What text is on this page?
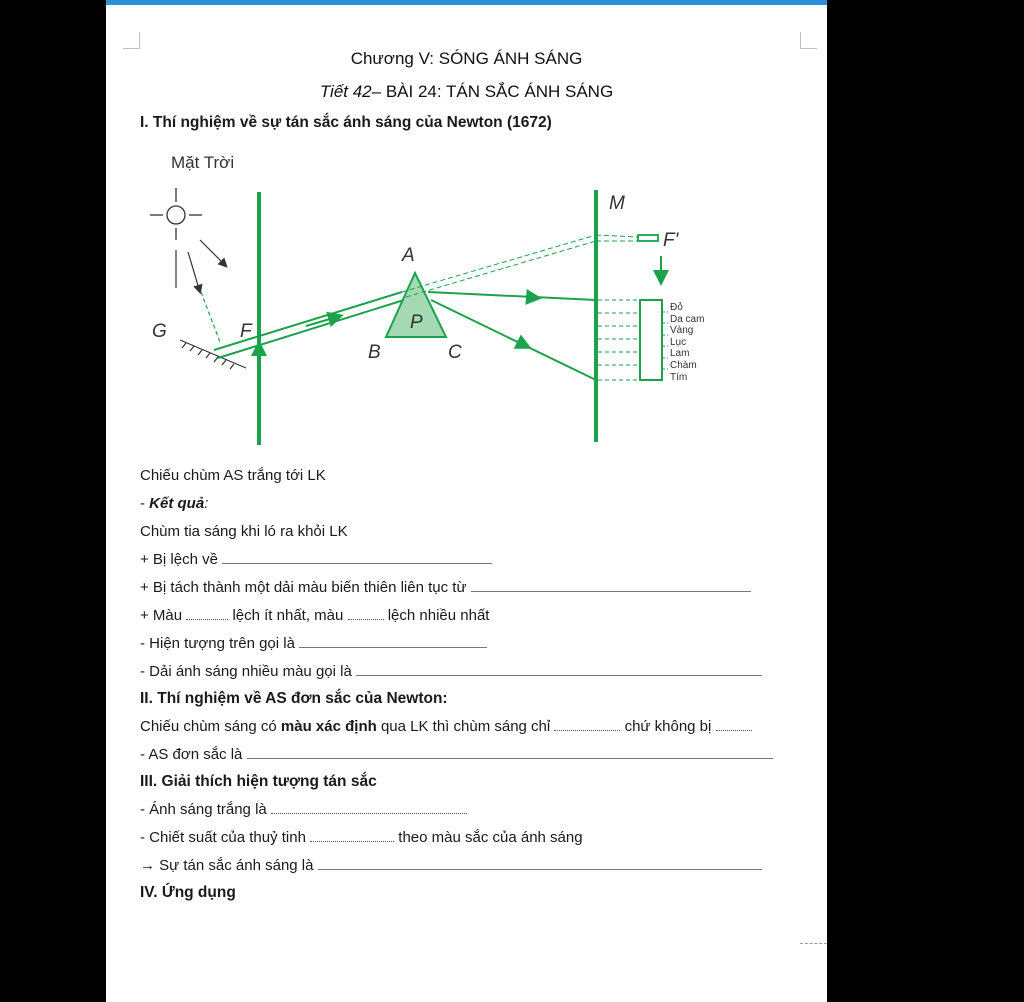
Chương V: SÓNG ÁNH SÁNG
Tiết 42– BÀI 24: TÁN SẮC ÁNH SÁNG
I. Thí nghiệm về sự tán sắc ánh sáng của Newton (1672)
Mặt Trời
G	F
A
P
B	C
F'
M
Đỏ
Da cam
Vàng
Lục
Lam
Chàm
Tím
Chiếu chùm AS trắng tới LK
- Kết quả:
Chùm tia sáng khi ló ra khỏi LK
+ Bị lệch về
+ Bị tách thành một dải màu biến thiên liên tục từ
+ Màu	lệch ít nhất, màu	lệch nhiều nhất
- Hiện tượng trên gọi là
- Dải ánh sáng nhiều màu gọi là
II. Thí nghiệm về AS đơn sắc của Newton:
Chiếu chùm sáng có màu xác định qua LK thì chùm sáng chỉ	chứ không bị
- AS đơn sắc là
III. Giải thích hiện tượng tán sắc
- Ánh sáng trắng là
- Chiết suất của thuỷ tinh	theo màu sắc của ánh sáng
→ Sự tán sắc ánh sáng là
IV. Ứng dụng
